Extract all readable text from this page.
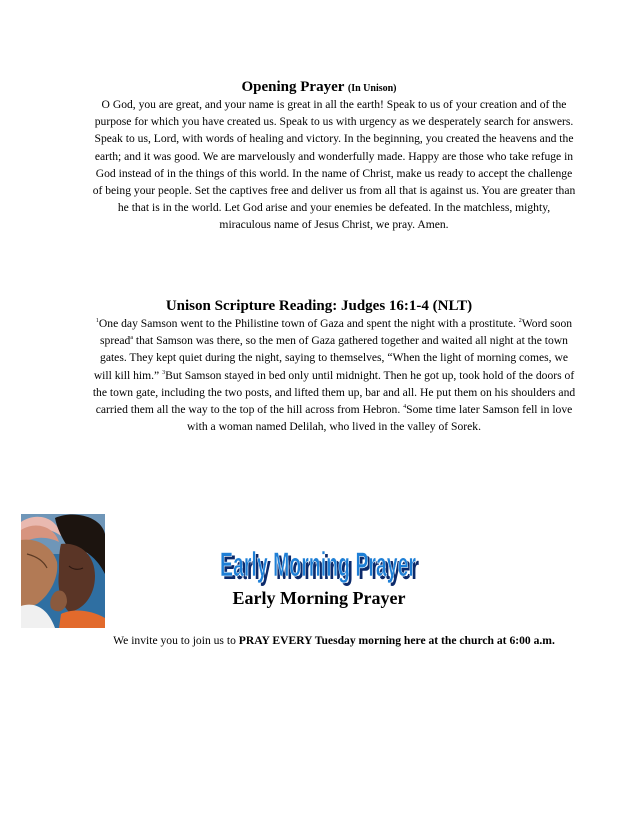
Opening Prayer (In Unison)
O God, you are great, and your name is great in all the earth! Speak to us of your creation and of the purpose for which you have created us. Speak to us with urgency as we desperately search for answers. Speak to us, Lord, with words of healing and victory. In the beginning, you created the heavens and the earth; and it was good. We are marvelously and wonderfully made. Happy are those who take refuge in God instead of in the things of this world. In the name of Christ, make us ready to accept the challenge of being your people. Set the captives free and deliver us from all that is against us. You are greater than he that is in the world. Let God arise and your enemies be defeated. In the matchless, mighty, miraculous name of Jesus Christ, we pray. Amen.
Unison Scripture Reading: Judges 16:1-4 (NLT)
$^1$One day Samson went to the Philistine town of Gaza and spent the night with a prostitute. $^2$Word soon spread$^a$ that Samson was there, so the men of Gaza gathered together and waited all night at the town gates. They kept quiet during the night, saying to themselves, “When the light of morning comes, we will kill him.” $^3$But Samson stayed in bed only until midnight. Then he got up, took hold of the doors of the town gate, including the two posts, and lifted them up, bar and all. He put them on his shoulders and carried them all the way to the top of the hill across from Hebron. $^4$Some time later Samson fell in love with a woman named Delilah, who lived in the valley of Sorek.
Early Morning Prayer
Early Morning Prayer
Early Morning Prayer
We invite you to join us to PRAY EVERY Tuesday morning here at the church at 6:00 a.m.
